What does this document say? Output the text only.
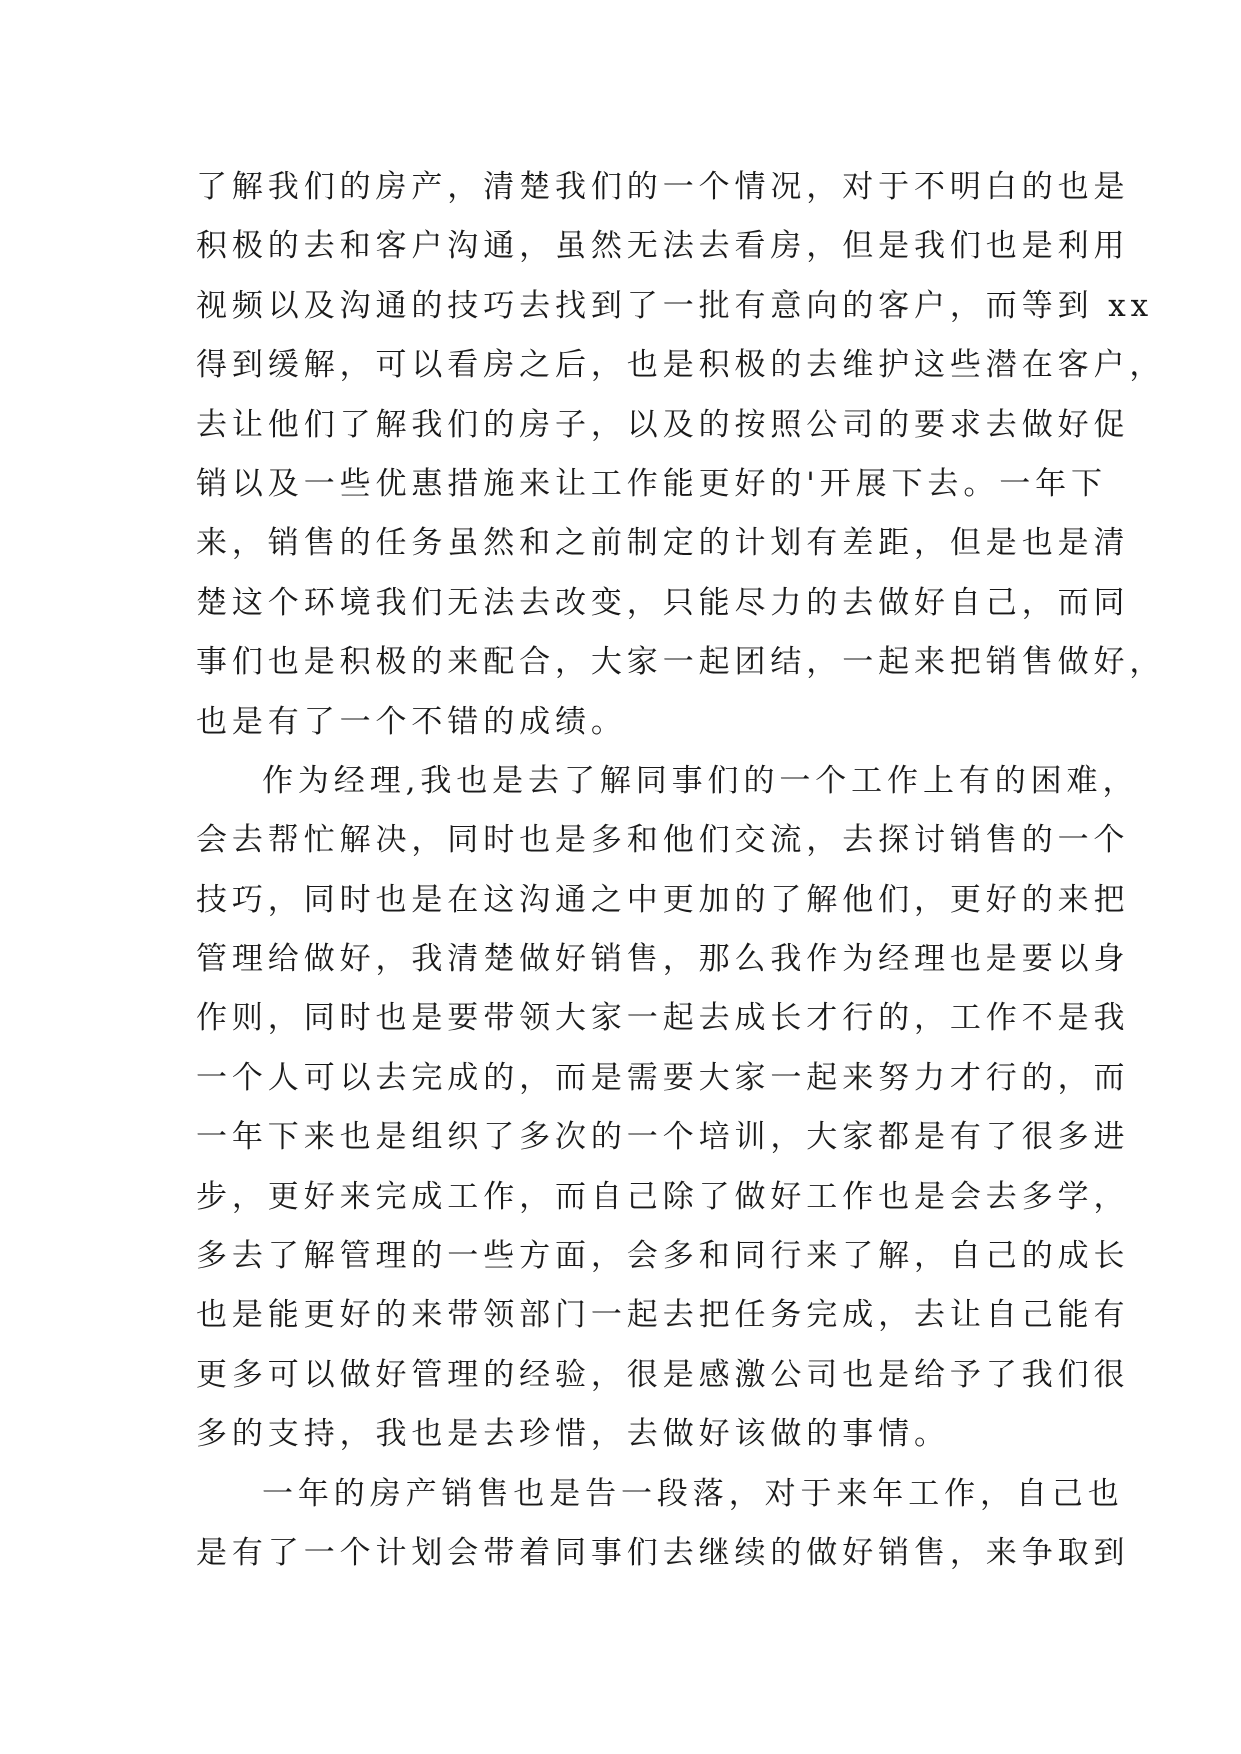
了解我们的房产，清楚我们的一个情况，对于不明白的也是
积极的去和客户沟通，虽然无法去看房，但是我们也是利用
视频以及沟通的技巧去找到了一批有意向的客户，而等到 xx
得到缓解，可以看房之后，也是积极的去维护这些潜在客户，
去让他们了解我们的房子，以及的按照公司的要求去做好促
销以及一些优惠措施来让工作能更好的'开展下去。一年下
来，销售的任务虽然和之前制定的计划有差距，但是也是清
楚这个环境我们无法去改变，只能尽力的去做好自己，而同
事们也是积极的来配合，大家一起团结，一起来把销售做好，
也是有了一个不错的成绩。
作为经理,我也是去了解同事们的一个工作上有的困难，
会去帮忙解决，同时也是多和他们交流，去探讨销售的一个
技巧，同时也是在这沟通之中更加的了解他们，更好的来把
管理给做好，我清楚做好销售，那么我作为经理也是要以身
作则，同时也是要带领大家一起去成长才行的，工作不是我
一个人可以去完成的，而是需要大家一起来努力才行的，而
一年下来也是组织了多次的一个培训，大家都是有了很多进
步，更好来完成工作，而自己除了做好工作也是会去多学，
多去了解管理的一些方面，会多和同行来了解，自己的成长
也是能更好的来带领部门一起去把任务完成，去让自己能有
更多可以做好管理的经验，很是感激公司也是给予了我们很
多的支持，我也是去珍惜，去做好该做的事情。
一年的房产销售也是告一段落，对于来年工作，自己也
是有了一个计划会带着同事们去继续的做好销售，来争取到
